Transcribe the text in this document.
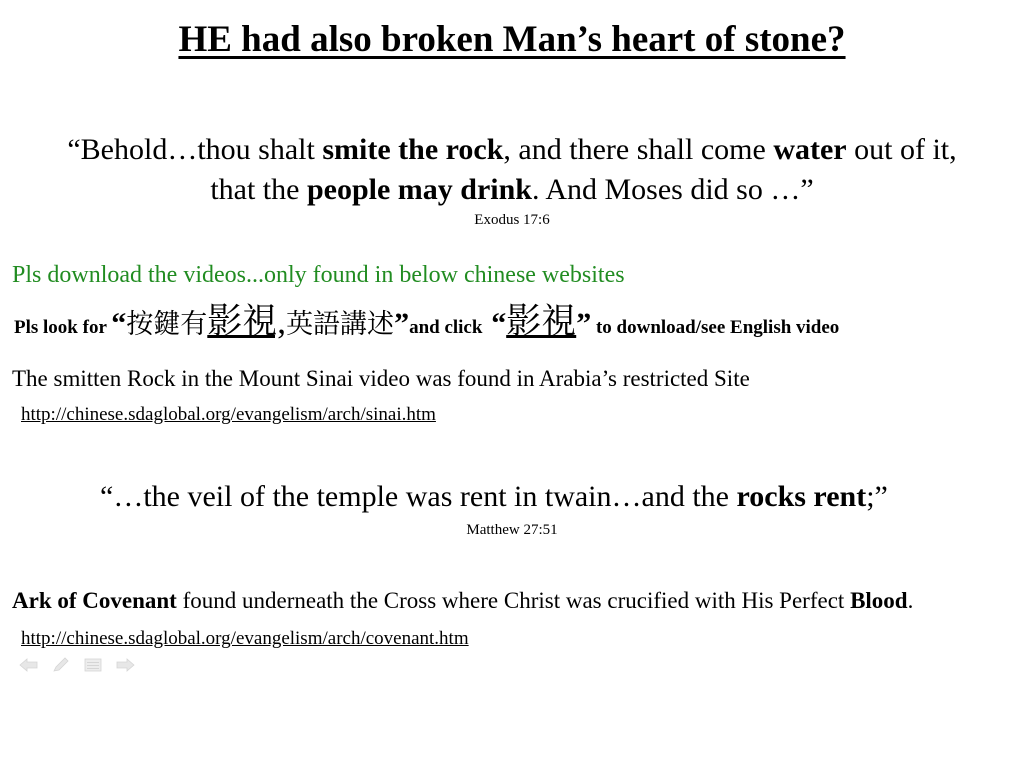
HE had also broken Man’s heart of stone?
“Behold…thou shalt smite the rock, and there shall come water out of it,
that the people may drink. And Moses did so …”
Exodus 17:6
Pls download the videos...only found in below chinese websites
Pls look for “按鍵有影視,英語講述”and click  “影視” to download/see English video
The smitten Rock in the Mount Sinai video was found in Arabia’s restricted Site
http://chinese.sdaglobal.org/evangelism/arch/sinai.htm
“…the veil of the temple was rent in twain…and the rocks rent;”
Matthew 27:51
Ark of Covenant found underneath the Cross where Christ was crucified with His Perfect Blood.
http://chinese.sdaglobal.org/evangelism/arch/covenant.htm
